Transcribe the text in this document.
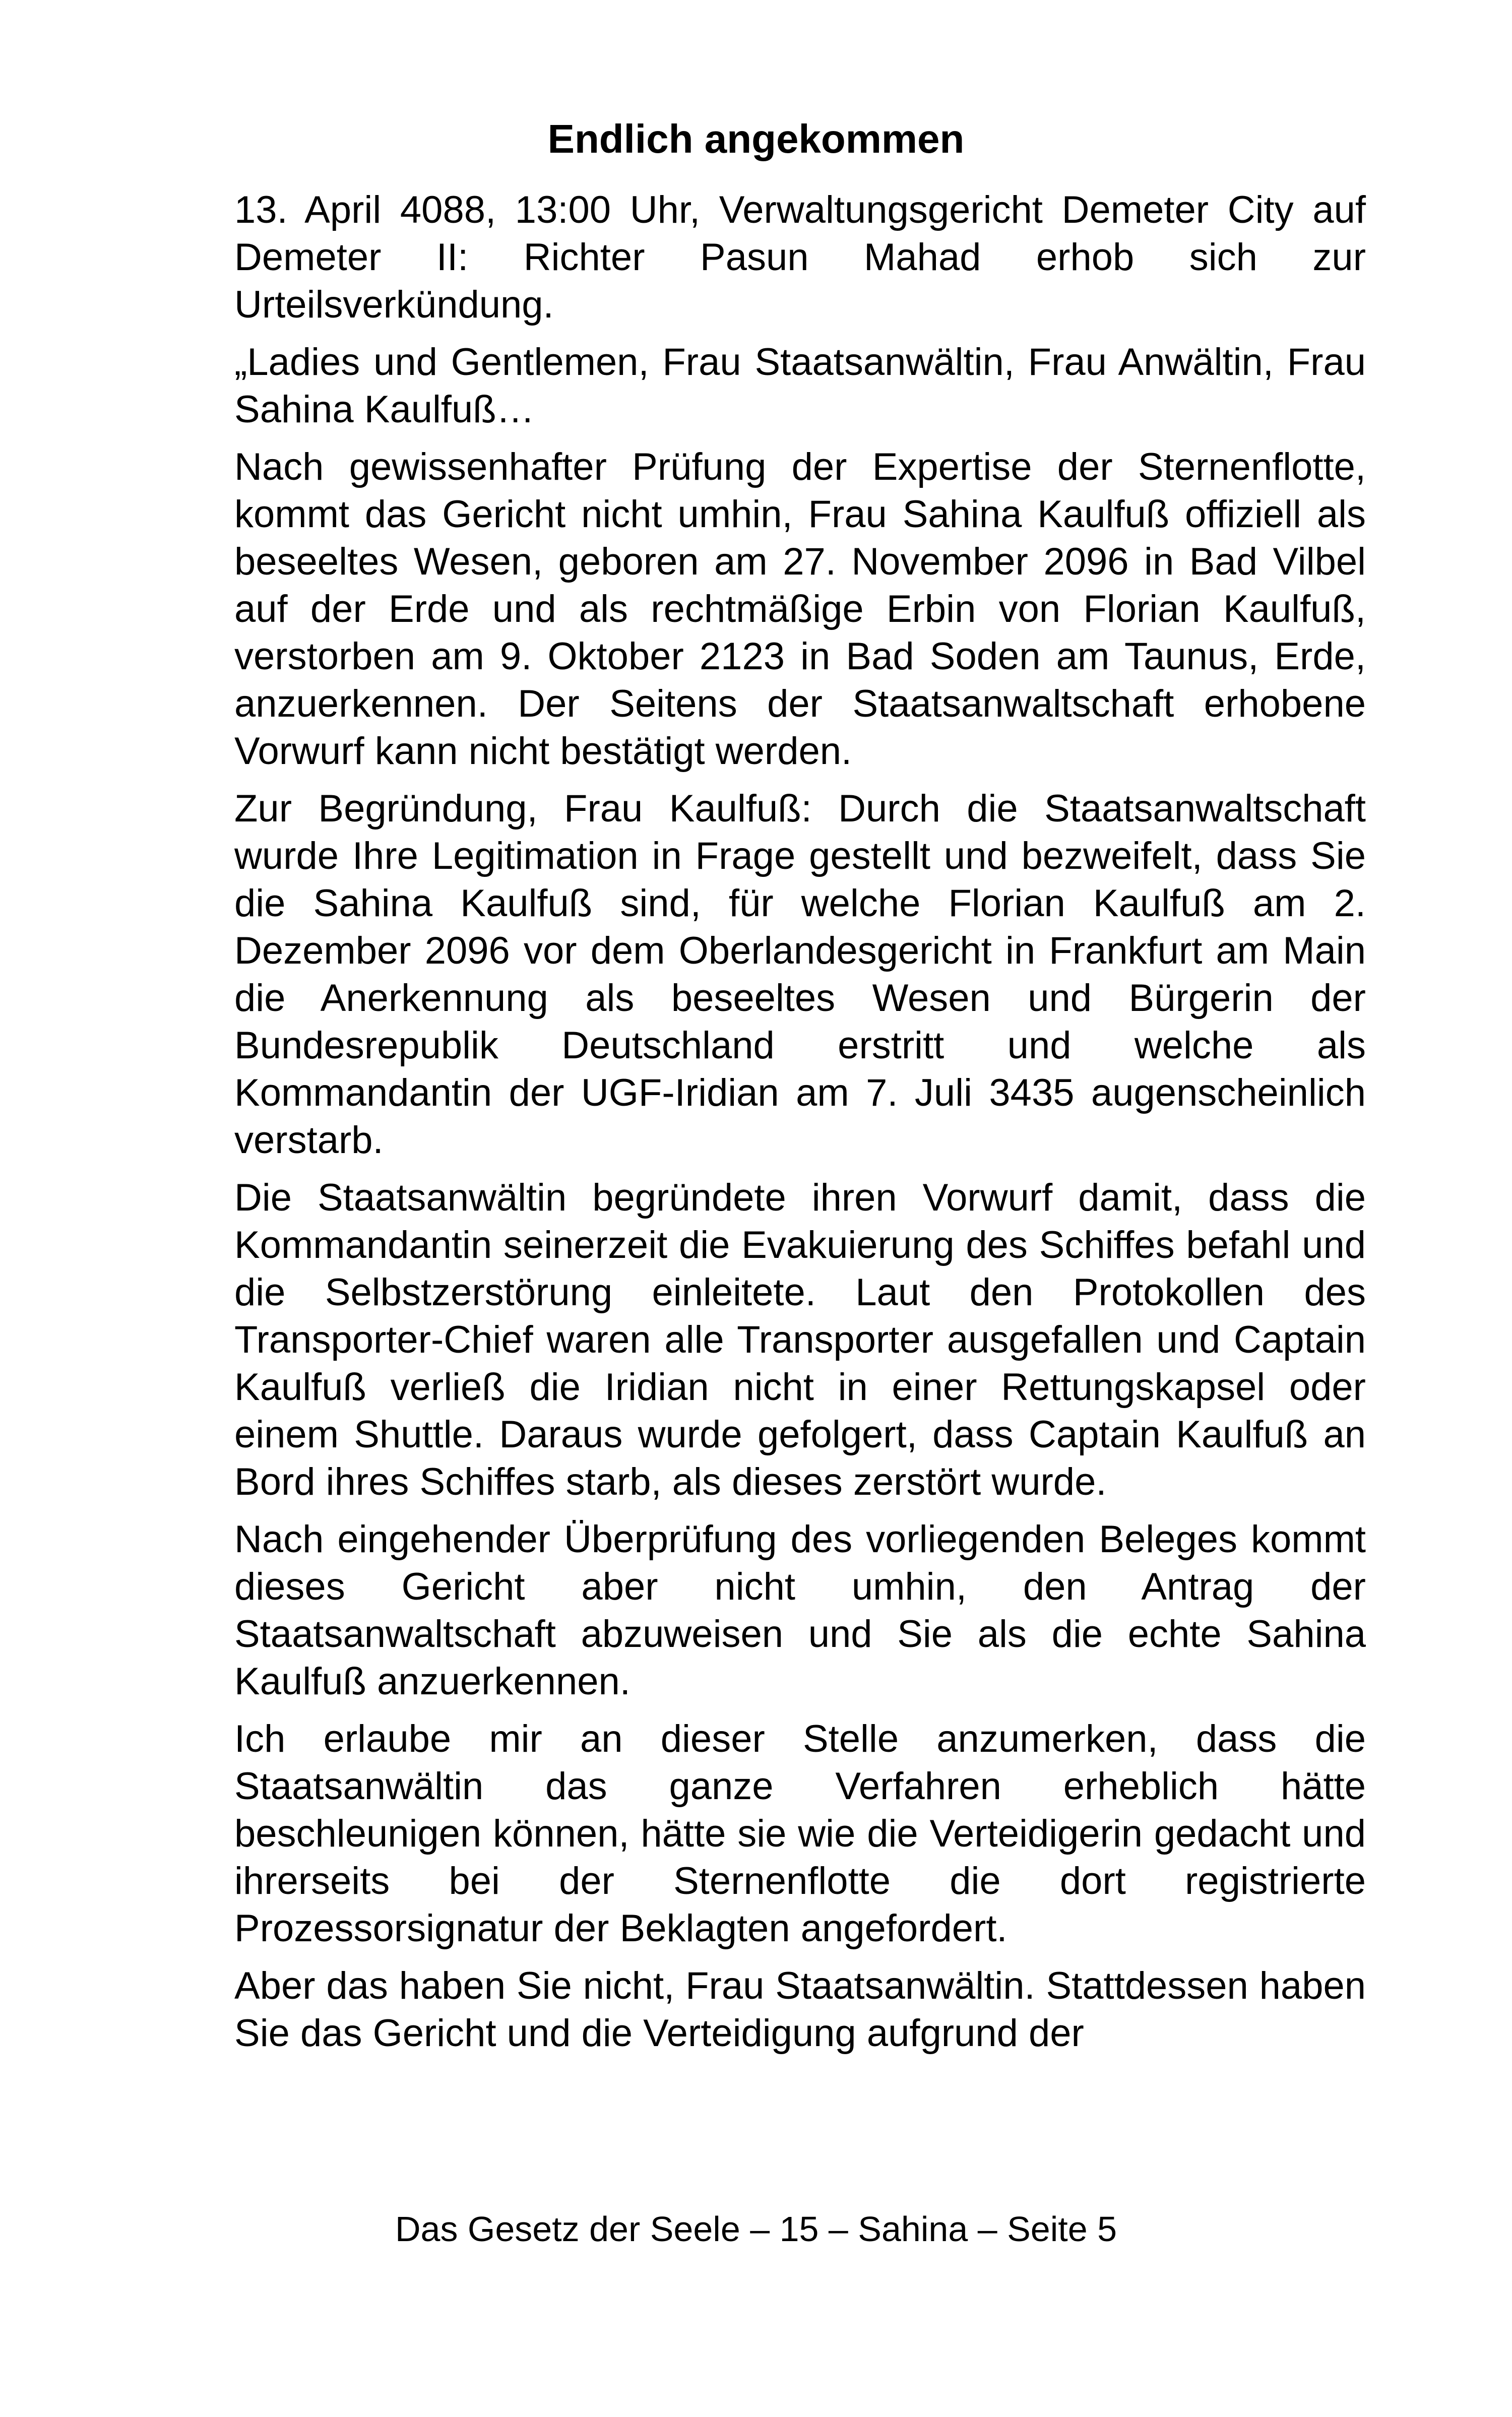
Endlich angekommen

13. April 4088, 13:00 Uhr, Verwaltungsgericht Demeter City auf Demeter II: Richter Pasun Mahad erhob sich zur Urteilsverkündung.

„Ladies und Gentlemen, Frau Staatsanwältin, Frau Anwältin, Frau Sahina Kaulfuß…

Nach gewissenhafter Prüfung der Expertise der Sternenflotte, kommt das Gericht nicht umhin, Frau Sahina Kaulfuß offiziell als beseeltes Wesen, geboren am 27. November 2096 in Bad Vilbel auf der Erde und als rechtmäßige Erbin von Florian Kaulfuß, verstorben am 9. Oktober 2123 in Bad Soden am Taunus, Erde, anzuerkennen. Der Seitens der Staatsanwaltschaft erhobene Vorwurf kann nicht bestätigt werden.

Zur Begründung, Frau Kaulfuß: Durch die Staatsanwaltschaft wurde Ihre Legitimation in Frage gestellt und bezweifelt, dass Sie die Sahina Kaulfuß sind, für welche Florian Kaulfuß am 2. Dezember 2096 vor dem Oberlandesgericht in Frankfurt am Main die Anerkennung als beseeltes Wesen und Bürgerin der Bundesrepublik Deutschland erstritt und welche als Kommandantin der UGF-Iridian am 7. Juli 3435 augenscheinlich verstarb.

Die Staatsanwältin begründete ihren Vorwurf damit, dass die Kommandantin seinerzeit die Evakuierung des Schiffes befahl und die Selbstzerstörung einleitete. Laut den Protokollen des Transporter-Chief waren alle Transporter ausgefallen und Captain Kaulfuß verließ die Iridian nicht in einer Rettungskapsel oder einem Shuttle. Daraus wurde gefolgert, dass Captain Kaulfuß an Bord ihres Schiffes starb, als dieses zerstört wurde.

Nach eingehender Überprüfung des vorliegenden Beleges kommt dieses Gericht aber nicht umhin, den Antrag der Staatsanwaltschaft abzuweisen und Sie als die echte Sahina Kaulfuß anzuerkennen.

Ich erlaube mir an dieser Stelle anzumerken, dass die Staatsanwältin das ganze Verfahren erheblich hätte beschleunigen können, hätte sie wie die Verteidigerin gedacht und ihrerseits bei der Sternenflotte die dort registrierte Prozessorsignatur der Beklagten angefordert.

Aber das haben Sie nicht, Frau Staatsanwältin. Stattdessen haben Sie das Gericht und die Verteidigung aufgrund der

Das Gesetz der Seele – 15 – Sahina – Seite 5
